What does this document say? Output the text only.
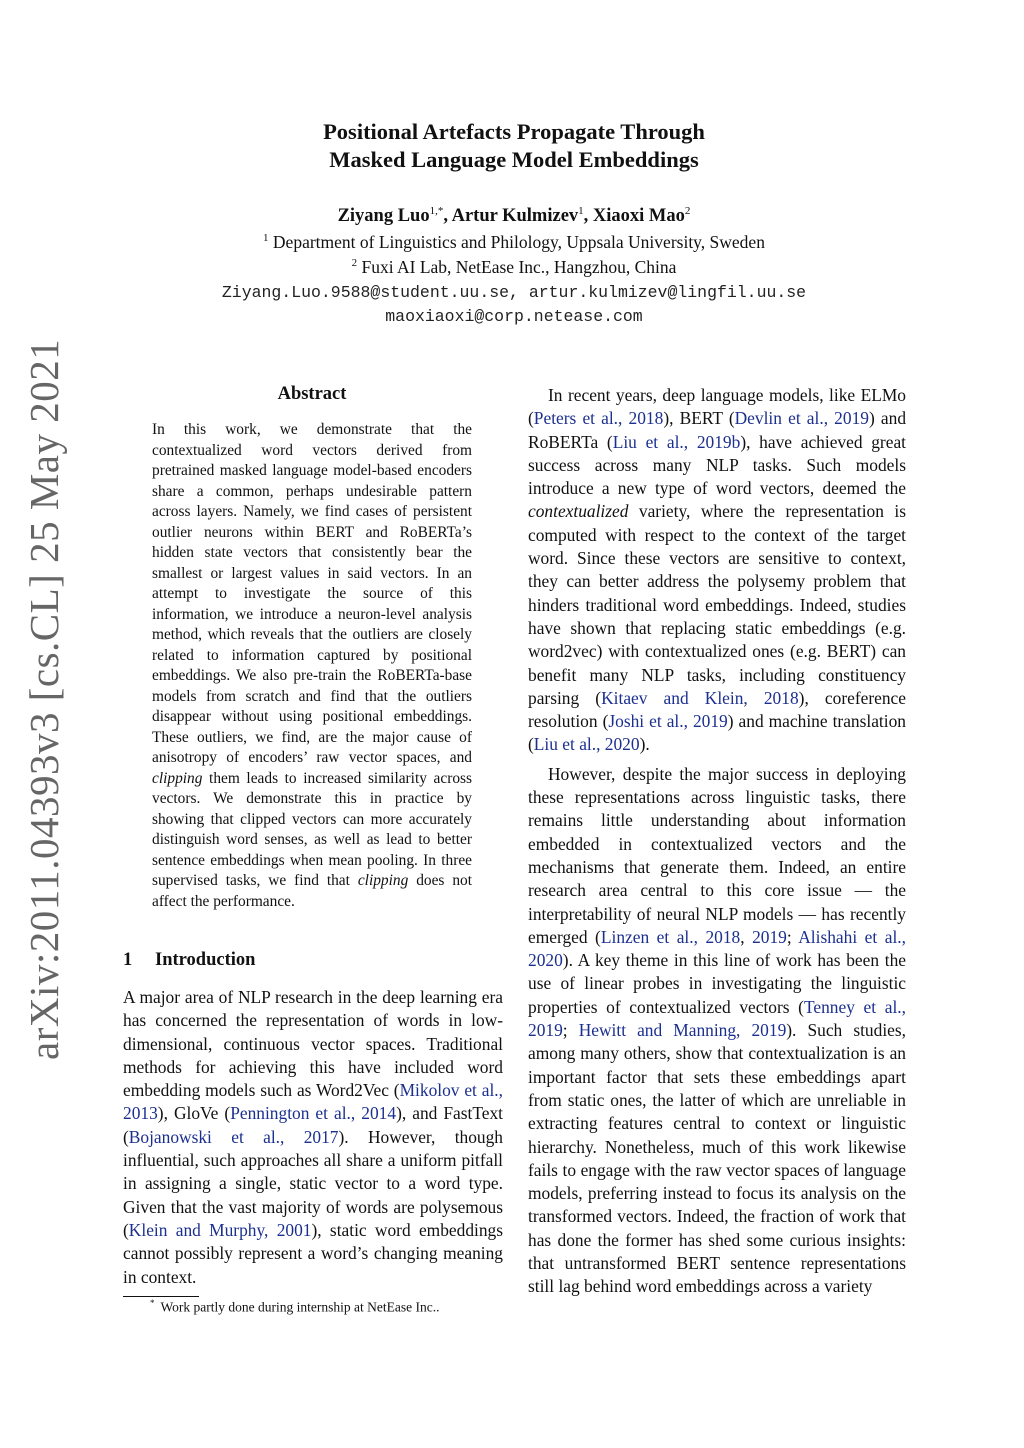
arXiv:2011.04393v3 [cs.CL] 25 May 2021
Positional Artefacts Propagate Through
Masked Language Model Embeddings
Ziyang Luo$^{1,*}$, Artur Kulmizev$^1$, Xiaoxi Mao$^2$
$^1$ Department of Linguistics and Philology, Uppsala University, Sweden
$^2$ Fuxi AI Lab, NetEase Inc., Hangzhou, China
Ziyang.Luo.9588@student.uu.se, artur.kulmizev@lingfil.uu.se
maoxiaoxi@corp.netease.com
Abstract
In this work, we demonstrate that the contextualized word vectors derived from pretrained masked language model-based encoders share a common, perhaps undesirable pattern across layers. Namely, we find cases of persistent outlier neurons within BERT and RoBERTa’s hidden state vectors that consistently bear the smallest or largest values in said vectors. In an attempt to investigate the source of this information, we introduce a neuron-level analysis method, which reveals that the outliers are closely related to information captured by positional embeddings. We also pre-train the RoBERTa-base models from scratch and find that the outliers disappear without using positional embeddings. These outliers, we find, are the major cause of anisotropy of encoders’ raw vector spaces, and clipping them leads to increased similarity across vectors. We demonstrate this in practice by showing that clipped vectors can more accurately distinguish word senses, as well as lead to better sentence embeddings when mean pooling. In three supervised tasks, we find that clipping does not affect the performance.
1 Introduction
A major area of NLP research in the deep learning era has concerned the representation of words in low-dimensional, continuous vector spaces. Traditional methods for achieving this have included word embedding models such as Word2Vec (Mikolov et al., 2013), GloVe (Pennington et al., 2014), and FastText (Bojanowski et al., 2017). However, though influential, such approaches all share a uniform pitfall in assigning a single, static vector to a word type. Given that the vast majority of words are polysemous (Klein and Murphy, 2001), static word embeddings cannot possibly represent a word’s changing meaning in context.
* Work partly done during internship at NetEase Inc..

In recent years, deep language models, like ELMo (Peters et al., 2018), BERT (Devlin et al., 2019) and RoBERTa (Liu et al., 2019b), have achieved great success across many NLP tasks. Such models introduce a new type of word vectors, deemed the contextualized variety, where the representation is computed with respect to the context of the target word. Since these vectors are sensitive to context, they can better address the polysemy problem that hinders traditional word embeddings. Indeed, studies have shown that replacing static embeddings (e.g. word2vec) with contextualized ones (e.g. BERT) can benefit many NLP tasks, including constituency parsing (Kitaev and Klein, 2018), coreference resolution (Joshi et al., 2019) and machine translation (Liu et al., 2020).

However, despite the major success in deploying these representations across linguistic tasks, there remains little understanding about information embedded in contextualized vectors and the mechanisms that generate them. Indeed, an entire research area central to this core issue — the interpretability of neural NLP models — has recently emerged (Linzen et al., 2018, 2019; Alishahi et al., 2020). A key theme in this line of work has been the use of linear probes in investigating the linguistic properties of contextualized vectors (Tenney et al., 2019; Hewitt and Manning, 2019). Such studies, among many others, show that contextualization is an important factor that sets these embeddings apart from static ones, the latter of which are unreliable in extracting features central to context or linguistic hierarchy. Nonetheless, much of this work likewise fails to engage with the raw vector spaces of language models, preferring instead to focus its analysis on the transformed vectors. Indeed, the fraction of work that has done the former has shed some curious insights: that untransformed BERT sentence representations still lag behind word embeddings across a variety
